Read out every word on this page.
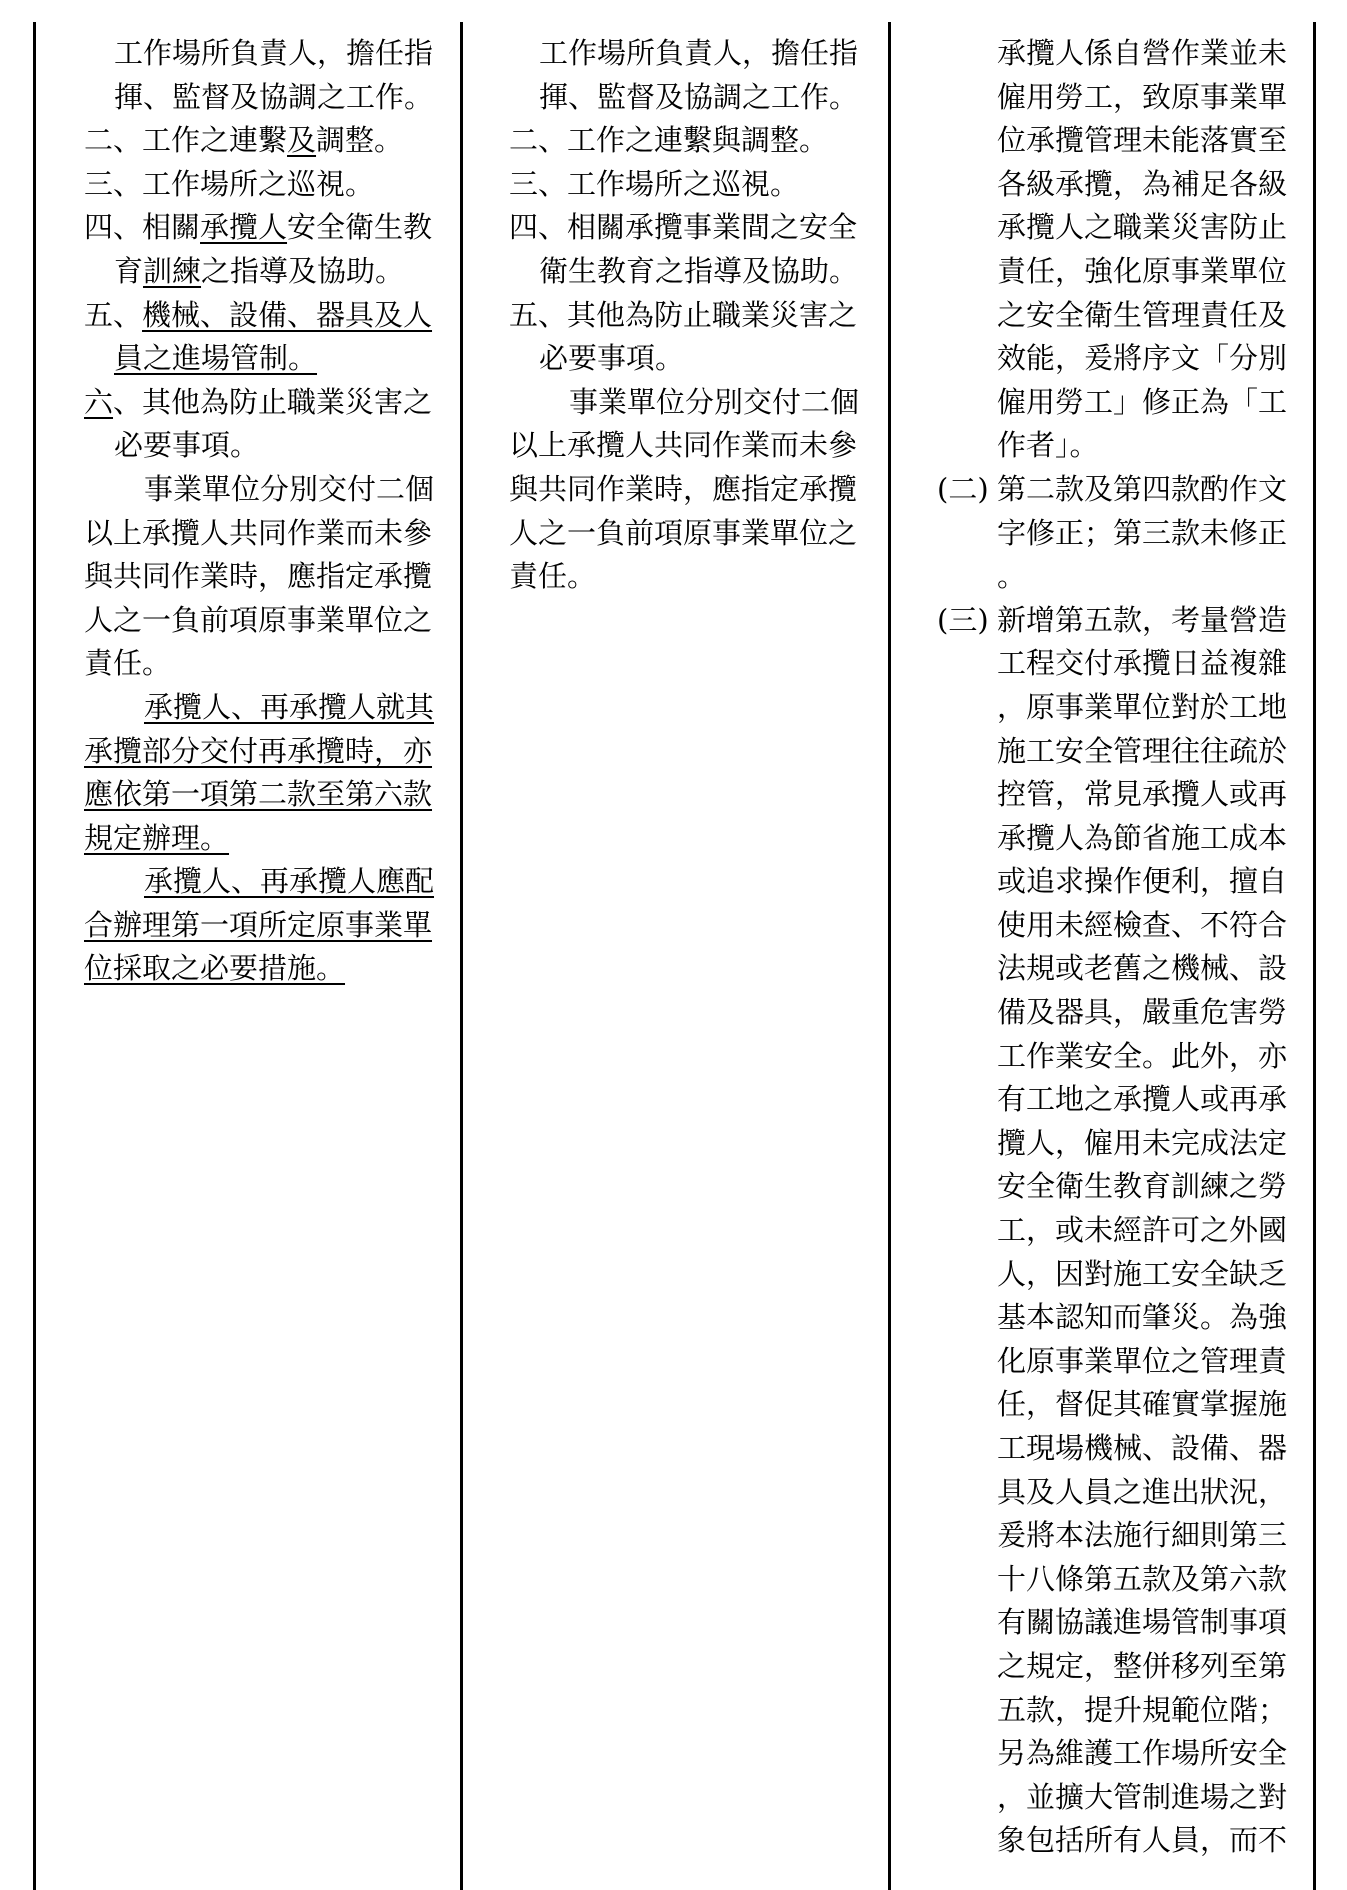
工作場所負責人，擔任指
揮、監督及協調之工作。
二、工作之連繫及調整。
三、工作場所之巡視。
四、相關承攬人安全衛生教
育訓練之指導及協助。
五、機械、設備、器具及人
員之進場管制。
六、其他為防止職業災害之
必要事項。
事業單位分別交付二個
以上承攬人共同作業而未參
與共同作業時，應指定承攬
人之一負前項原事業單位之
責任。
承攬人、再承攬人就其
承攬部分交付再承攬時，亦
應依第一項第二款至第六款
規定辦理。
承攬人、再承攬人應配
合辦理第一項所定原事業單
位採取之必要措施。
工作場所負責人，擔任指
揮、監督及協調之工作。
二、工作之連繫與調整。
三、工作場所之巡視。
四、相關承攬事業間之安全
衛生教育之指導及協助。
五、其他為防止職業災害之
必要事項。
事業單位分別交付二個
以上承攬人共同作業而未參
與共同作業時，應指定承攬
人之一負前項原事業單位之
責任。
承攬人係自營作業並未
僱用勞工，致原事業單
位承攬管理未能落實至
各級承攬，為補足各級
承攬人之職業災害防止
責任，強化原事業單位
之安全衛生管理責任及
效能，爰將序文「分別
僱用勞工」修正為「工
作者」。
(二) 第二款及第四款酌作文
字修正；第三款未修正
。
(三) 新增第五款，考量營造
工程交付承攬日益複雜
，原事業單位對於工地
施工安全管理往往疏於
控管，常見承攬人或再
承攬人為節省施工成本
或追求操作便利，擅自
使用未經檢查、不符合
法規或老舊之機械、設
備及器具，嚴重危害勞
工作業安全。此外，亦
有工地之承攬人或再承
攬人，僱用未完成法定
安全衛生教育訓練之勞
工，或未經許可之外國
人，因對施工安全缺乏
基本認知而肇災。為強
化原事業單位之管理責
任，督促其確實掌握施
工現場機械、設備、器
具及人員之進出狀況，
爰將本法施行細則第三
十八條第五款及第六款
有關協議進場管制事項
之規定，整併移列至第
五款，提升規範位階；
另為維護工作場所安全
，並擴大管制進場之對
象包括所有人員，而不
